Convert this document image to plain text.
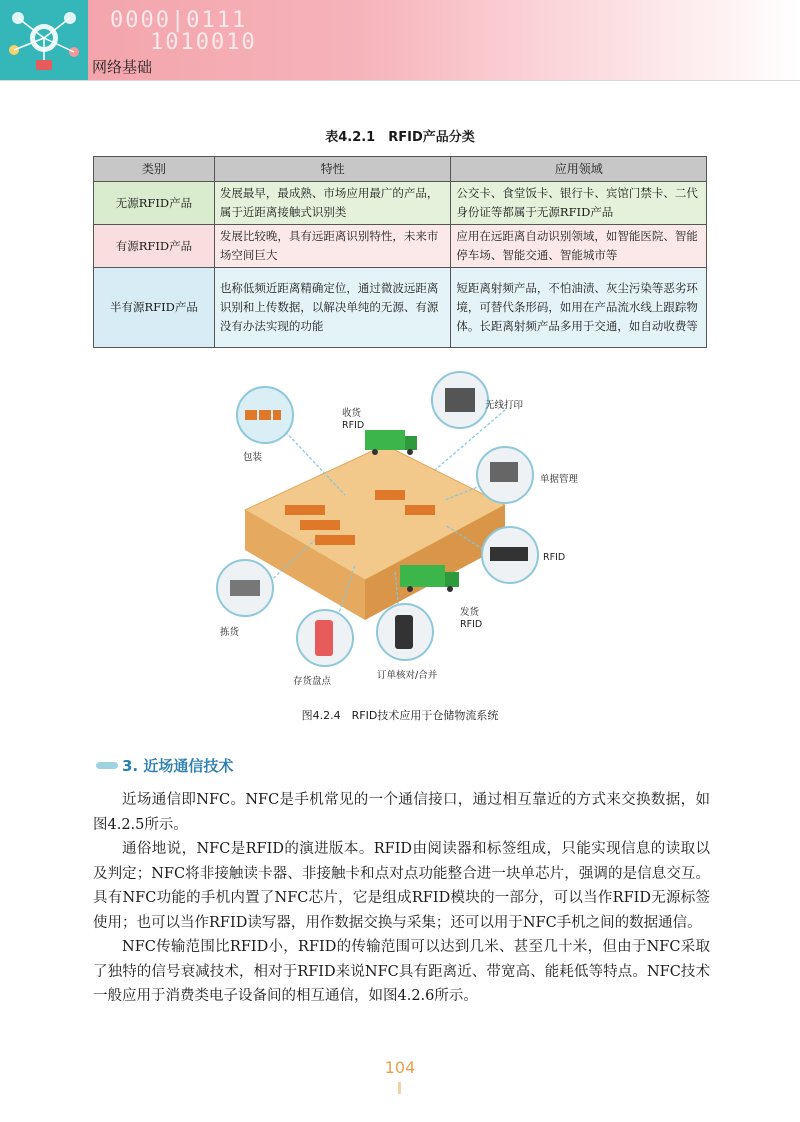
0000|0111
1010010
网络基础
表4.2.1　RFID产品分类
类别	特性	应用领域
无源RFID产品	发展最早，最成熟、市场应用最广的产品，属于近距离接触式识别类	公交卡、食堂饭卡、银行卡、宾馆门禁卡、二代身份证等都属于无源RFID产品
有源RFID产品	发展比较晚，具有远距离识别特性，未来市场空间巨大	应用在远距离自动识别领域，如智能医院、智能停车场、智能交通、智能城市等
半有源RFID产品	也称低频近距离精确定位，通过微波远距离识别和上传数据，以解决单纯的无源、有源没有办法实现的功能	短距离射频产品，不怕油渍、灰尘污染等恶劣环境，可替代条形码，如用在产品流水线上跟踪物体。长距离射频产品多用于交通，如自动收费等
收货
RFID
无线打印
包装
单据管理
RFID
拣货
发货
RFID
存货盘点
订单核对/合并
图4.2.4　RFID技术应用于仓储物流系统
3. 近场通信技术

近场通信即NFC。NFC是手机常见的一个通信接口，通过相互靠近的方式来交换数据，如图4.2.5所示。

通俗地说，NFC是RFID的演进版本。RFID由阅读器和标签组成，只能实现信息的读取以及判定；NFC将非接触读卡器、非接触卡和点对点功能整合进一块单芯片，强调的是信息交互。具有NFC功能的手机内置了NFC芯片，它是组成RFID模块的一部分，可以当作RFID无源标签使用；也可以当作RFID读写器，用作数据交换与采集；还可以用于NFC手机之间的数据通信。

NFC传输范围比RFID小，RFID的传输范围可以达到几米、甚至几十米，但由于NFC采取了独特的信号衰减技术，相对于RFID来说NFC具有距离近、带宽高、能耗低等特点。NFC技术一般应用于消费类电子设备间的相互通信，如图4.2.6所示。

104
